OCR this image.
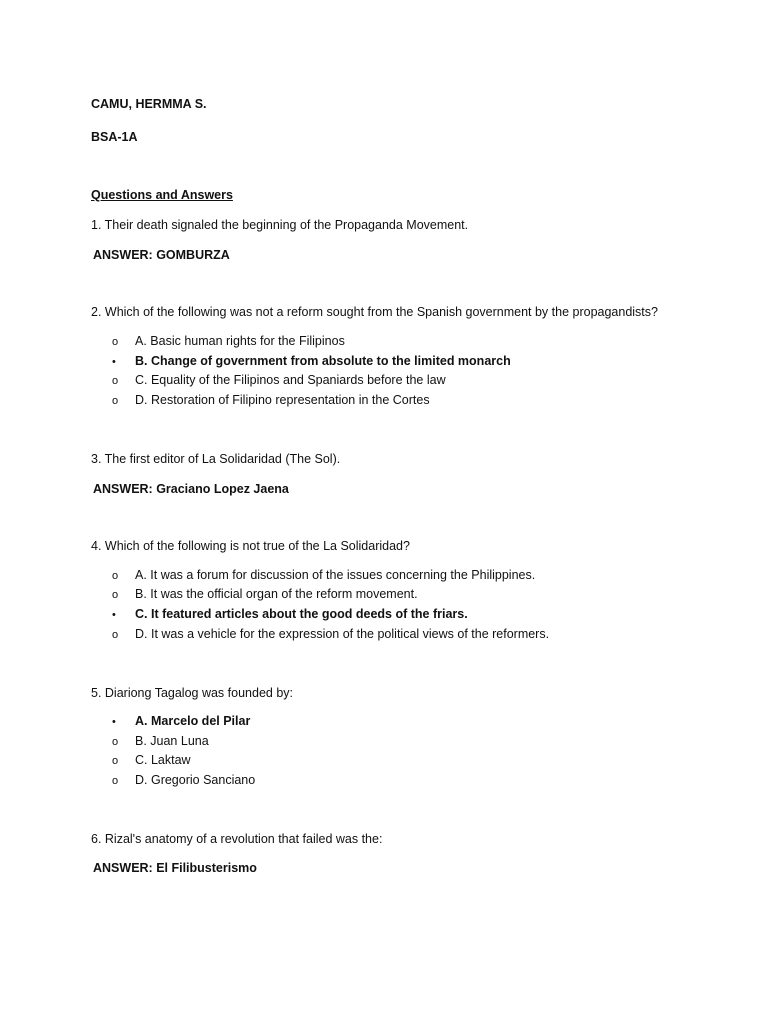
CAMU, HERMMA S.
BSA-1A
Questions and Answers
1. Their death signaled the beginning of the Propaganda Movement.
ANSWER: GOMBURZA
2. Which of the following was not a reform sought from the Spanish government by the propagandists?
o A. Basic human rights for the Filipinos
• B. Change of government from absolute to the limited monarch
o C. Equality of the Filipinos and Spaniards before the law
o D. Restoration of Filipino representation in the Cortes
3. The first editor of La Solidaridad (The Sol).
ANSWER: Graciano Lopez Jaena
4. Which of the following is not true of the La Solidaridad?
o A. It was a forum for discussion of the issues concerning the Philippines.
o B. It was the official organ of the reform movement.
• C. It featured articles about the good deeds of the friars.
o D. It was a vehicle for the expression of the political views of the reformers.
5. Diariong Tagalog was founded by:
• A. Marcelo del Pilar
o B. Juan Luna
o C. Laktaw
o D. Gregorio Sanciano
6. Rizal's anatomy of a revolution that failed was the:
ANSWER: El Filibusterismo
